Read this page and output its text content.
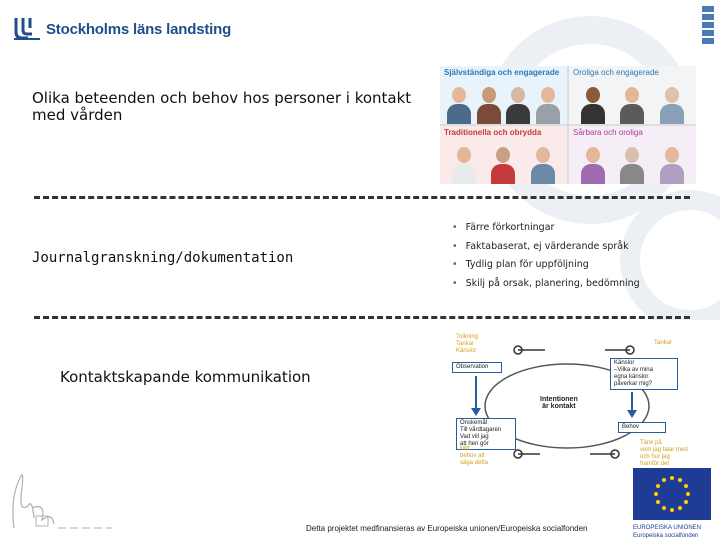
Stockholms läns landsting
Olika beteenden och behov hos personer i kontakt med vården
Självständiga och engagerade Oroliga och engagerade
Traditionella och obrydda	Sårbara och oroliga
Journalgranskning/dokumentation
• Färre förkortningar
• Faktabaserat, ej värderande språk
• Tydlig plan för uppföljning
• Skilj på orsak, planering, bedömning
Kontaktskapande kommunikation
Tolkning
Tankar
Känslor
Tankar
Observation
Känslor
–Vilka av mina
egna känslor
påverkar mig?
Intentionen
är kontakt
Önskemål
Till vårdtagaren
Vad vill jag
att hen gör
Behov
Mitt
behov att
säga detta
Tänk på
vem jag talar med
och hur jag
framför det
EUROPEISKA UNIONEN
Europeiska socialfonden
Detta projektet medfinansieras av Europeiska unionen/Europeiska socialfonden
